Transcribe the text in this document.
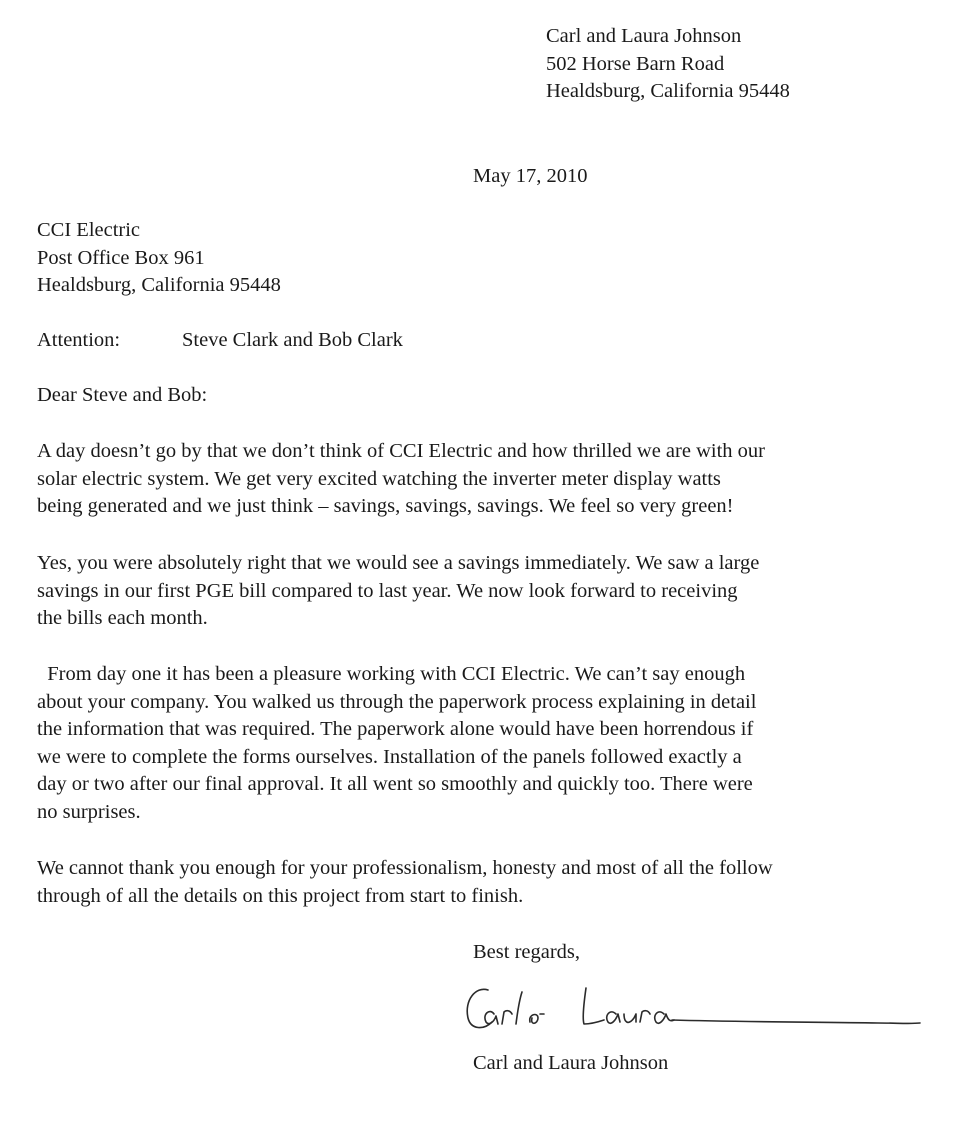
Carl and Laura Johnson
502 Horse Barn Road
Healdsburg, California 95448
May 17, 2010
CCI Electric
Post Office Box 961
Healdsburg, California 95448
Attention:	Steve Clark and Bob Clark
Dear Steve and Bob:
A day doesn’t go by that we don’t think of CCI Electric and how thrilled we are with our
solar electric system. We get very excited watching the inverter meter display watts
being generated and we just think – savings, savings, savings. We feel so very green!
Yes, you were absolutely right that we would see a savings immediately. We saw a large
savings in our first PGE bill compared to last year. We now look forward to receiving
the bills each month.
From day one it has been a pleasure working with CCI Electric. We can’t say enough
about your company. You walked us through the paperwork process explaining in detail
the information that was required. The paperwork alone would have been horrendous if
we were to complete the forms ourselves. Installation of the panels followed exactly a
day or two after our final approval. It all went so smoothly and quickly too. There were
no surprises.
We cannot thank you enough for your professionalism, honesty and most of all the follow
through of all the details on this project from start to finish.
Best regards,
Carl and Laura Johnson
